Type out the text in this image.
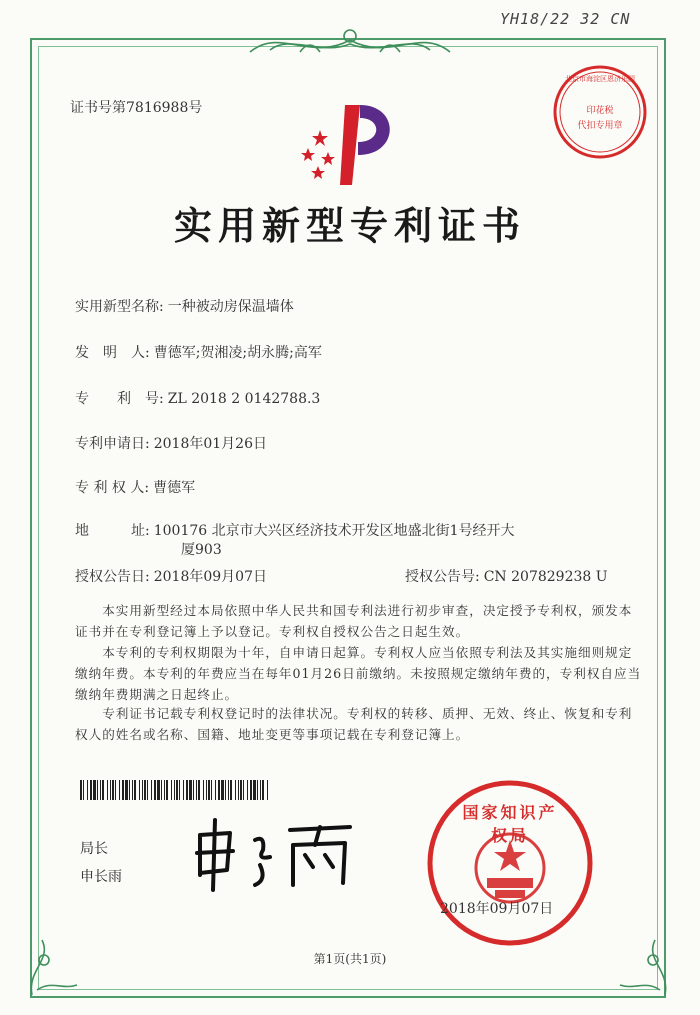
YH18/22 32 CN
北京市海淀区恩济乐园
印花税
代扣专用章
证书号第7816988号
实用新型专利证书
实用新型名称: 一种被动房保温墙体
发　明　人: 曹德军;贺湘凌;胡永腾;高军
专　　利　号: ZL 2018 2 0142788.3
专利申请日: 2018年01月26日
专 利 权 人: 曹德军
地　　　址: 100176 北京市大兴区经济技术开发区地盛北街1号经开大
厦903
授权公告日: 2018年09月07日	授权公告号: CN 207829238 U
　　本实用新型经过本局依照中华人民共和国专利法进行初步审查，决定授予专利权，颁发本证书并在专利登记簿上予以登记。专利权自授权公告之日起生效。
　　本专利的专利权期限为十年，自申请日起算。专利权人应当依照专利法及其实施细则规定缴纳年费。本专利的年费应当在每年01月26日前缴纳。未按照规定缴纳年费的，专利权自应当缴纳年费期满之日起终止。
　　专利证书记载专利权登记时的法律状况。专利权的转移、质押、无效、终止、恢复和专利权人的姓名或名称、国籍、地址变更等事项记载在专利登记簿上。
局长
申长雨
国家知识产权局
2018年09月07日
第1页(共1页)
